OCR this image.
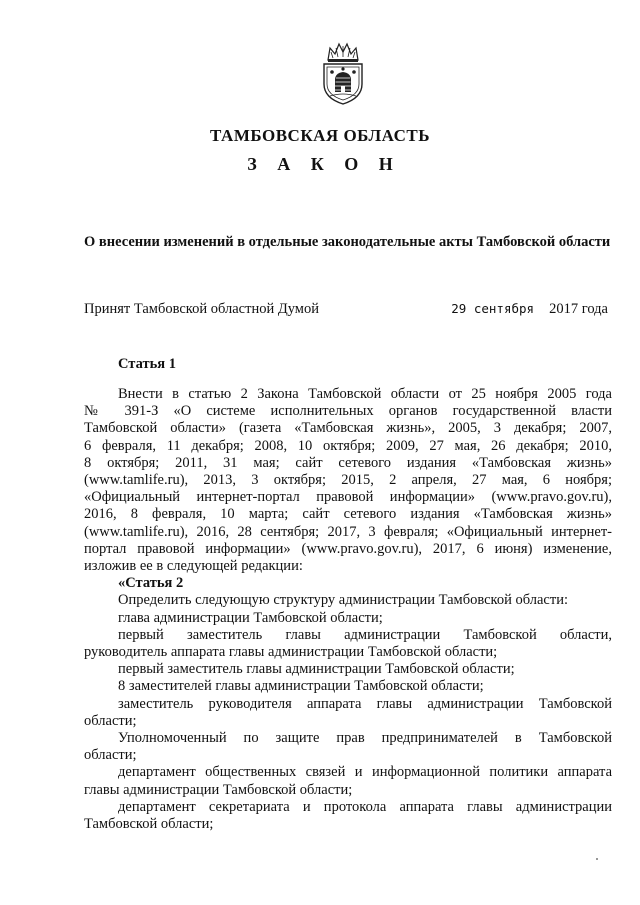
ТАМБОВСКАЯ ОБЛАСТЬ
З А К О Н
О внесении изменений в отдельные законодательные акты Тамбовской области
Принят Тамбовской областной Думой	29 сентября 2017 года
Статья 1
Внести в статью 2 Закона Тамбовской области от 25 ноября 2005 года
№ 391-З «О системе исполнительных органов государственной власти
Тамбовской области» (газета «Тамбовская жизнь», 2005, 3 декабря; 2007,
6 февраля, 11 декабря; 2008, 10 октября; 2009, 27 мая, 26 декабря; 2010,
8 октября; 2011, 31 мая; сайт сетевого издания «Тамбовская жизнь»
(www.tamlife.ru), 2013, 3 октября; 2015, 2 апреля, 27 мая, 6 ноября;
«Официальный интернет-портал правовой информации» (www.pravo.gov.ru),
2016, 8 февраля, 10 марта; сайт сетевого издания «Тамбовская жизнь»
(www.tamlife.ru), 2016, 28 сентября; 2017, 3 февраля; «Официальный интернет-
портал правовой информации» (www.pravo.gov.ru), 2017, 6 июня) изменение,
изложив ее в следующей редакции:
«Статья 2
Определить следующую структуру администрации Тамбовской области:
глава администрации Тамбовской области;
первый заместитель главы администрации Тамбовской области,
руководитель аппарата главы администрации Тамбовской области;
первый заместитель главы администрации Тамбовской области;
8 заместителей главы администрации Тамбовской области;
заместитель руководителя аппарата главы администрации Тамбовской
области;
Уполномоченный по защите прав предпринимателей в Тамбовской
области;
департамент общественных связей и информационной политики аппарата
главы администрации Тамбовской области;
департамент секретариата и протокола аппарата главы администрации
Тамбовской области;
